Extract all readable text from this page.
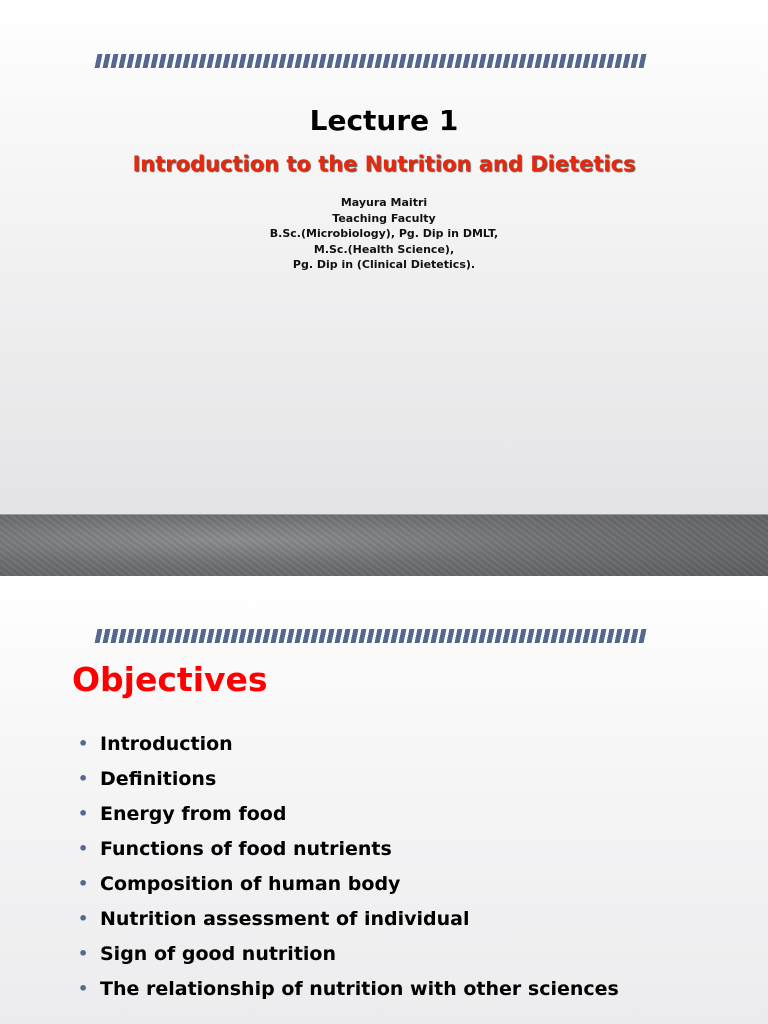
Lecture 1
Introduction to the Nutrition and Dietetics
Mayura Maitri
Teaching Faculty
B.Sc.(Microbiology), Pg. Dip in DMLT,
M.Sc.(Health Science),
Pg. Dip in (Clinical Dietetics).
Objectives
• Introduction
• Definitions
• Energy from food
• Functions of food nutrients
• Composition of human body
• Nutrition assessment of individual
• Sign of good nutrition
• The relationship of nutrition with other sciences
